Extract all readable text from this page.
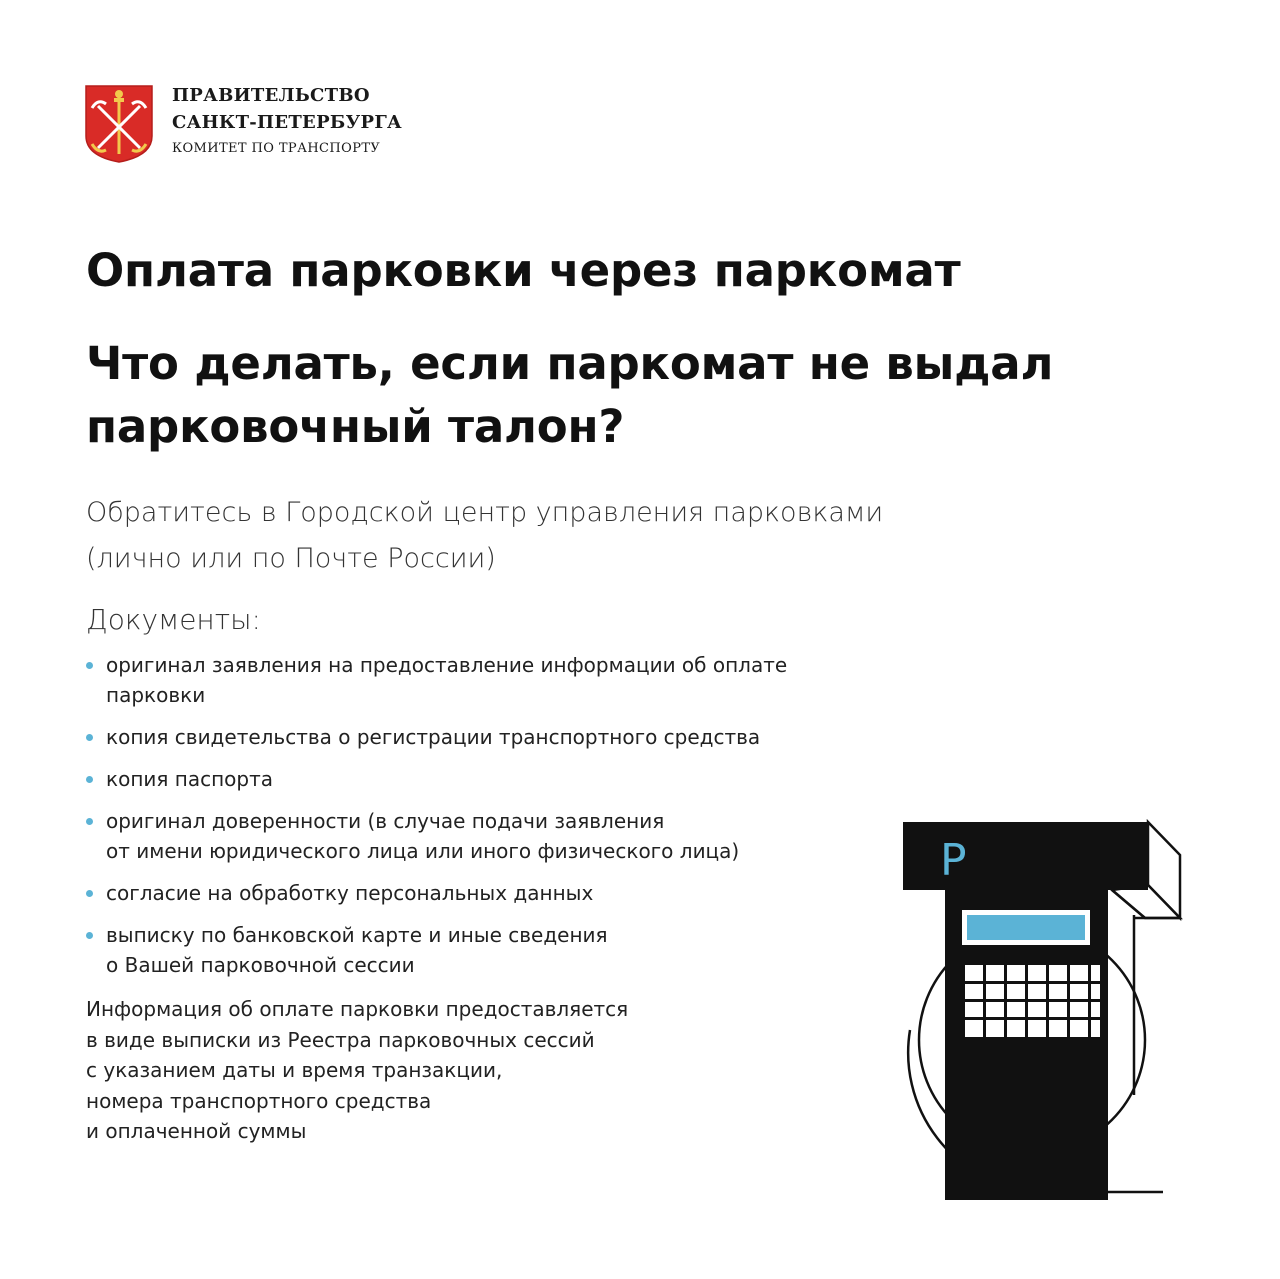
ПРАВИТЕЛЬСТВО
САНКТ-ПЕТЕРБУРГА
КОМИТЕТ ПО ТРАНСПОРТУ
Оплата парковки через паркомат
Что делать, если паркомат не выдал парковочный талон?
Обратитесь в Городской центр управления парковками
(лично или по Почте России)
Документы:
оригинал заявления на предоставление информации об оплате парковки
копия свидетельства о регистрации транспортного средства
копия паспорта
оригинал доверенности (в случае подачи заявления
от имени юридического лица или иного физического лица)
согласие на обработку персональных данных
выписку по банковской карте и иные сведения
о Вашей парковочной сессии
Информация об оплате парковки предоставляется
в виде выписки из Реестра парковочных сессий
с указанием даты и время транзакции,
номера транспортного средства
и оплаченной суммы
P
